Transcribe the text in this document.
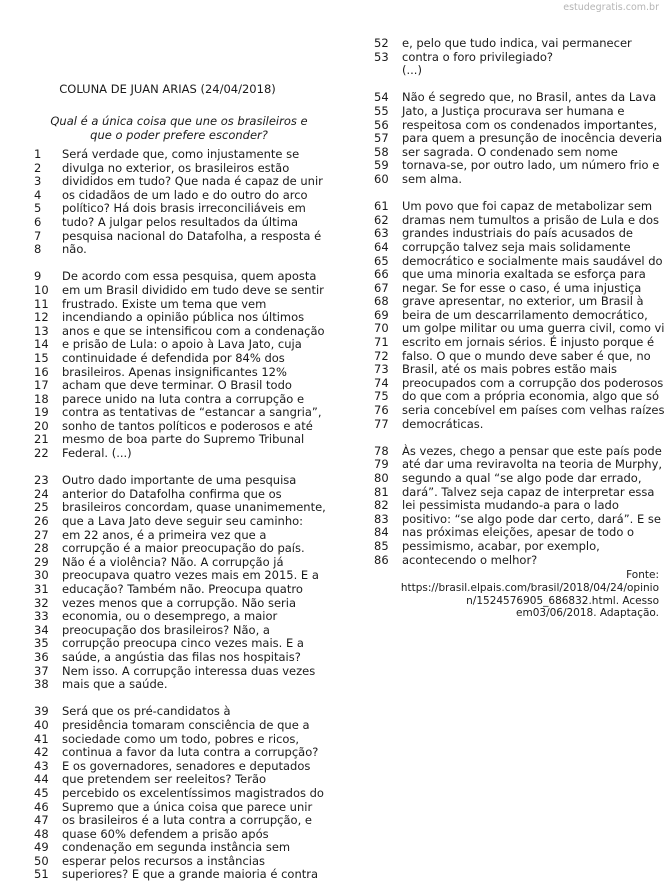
estudegratis.com.br
COLUNA DE JUAN ARIAS (24/04/2018)
Qual é a única coisa que une os brasileiros e que o poder prefere esconder?
1	Será verdade que, como injustamente se
2	divulga no exterior, os brasileiros estão
3	divididos em tudo? Que nada é capaz de unir
4	os cidadãos de um lado e do outro do arco
5	político? Há dois brasis irreconciliáveis em
6	tudo? A julgar pelos resultados da última
7	pesquisa nacional do Datafolha, a resposta é
8	não.
9	De acordo com essa pesquisa, quem aposta
10	em um Brasil dividido em tudo deve se sentir
11	frustrado. Existe um tema que vem
12	incendiando a opinião pública nos últimos
13	anos e que se intensificou com a condenação
14	e prisão de Lula: o apoio à Lava Jato, cuja
15	continuidade é defendida por 84% dos
16	brasileiros. Apenas insignificantes 12%
17	acham que deve terminar. O Brasil todo
18	parece unido na luta contra a corrupção e
19	contra as tentativas de “estancar a sangria”,
20	sonho de tantos políticos e poderosos e até
21	mesmo de boa parte do Supremo Tribunal
22	Federal. (...)
23	Outro dado importante de uma pesquisa
24	anterior do Datafolha confirma que os
25	brasileiros concordam, quase unanimemente,
26	que a Lava Jato deve seguir seu caminho:
27	em 22 anos, é a primeira vez que a
28	corrupção é a maior preocupação do país.
29	Não é a violência? Não. A corrupção já
30	preocupava quatro vezes mais em 2015. E a
31	educação? Também não. Preocupa quatro
32	vezes menos que a corrupção. Não seria
33	economia, ou o desemprego, a maior
34	preocupação dos brasileiros? Não, a
35	corrupção preocupa cinco vezes mais. E a
36	saúde, a angústia das filas nos hospitais?
37	Nem isso. A corrupção interessa duas vezes
38	mais que a saúde.
39	Será que os pré-candidatos à
40	presidência tomaram consciência de que a
41	sociedade como um todo, pobres e ricos,
42	continua a favor da luta contra a corrupção?
43	E os governadores, senadores e deputados
44	que pretendem ser reeleitos? Terão
45	percebido os excelentíssimos magistrados do
46	Supremo que a única coisa que parece unir
47	os brasileiros é a luta contra a corrupção, e
48	quase 60% defendem a prisão após
49	condenação em segunda instância sem
50	esperar pelos recursos a instâncias
51	superiores? E que a grande maioria é contra
52	e, pelo que tudo indica, vai permanecer
53	contra o foro privilegiado?
(...)
54	Não é segredo que, no Brasil, antes da Lava
55	Jato, a Justiça procurava ser humana e
56	respeitosa com os condenados importantes,
57	para quem a presunção de inocência deveria
58	ser sagrada. O condenado sem nome
59	tornava-se, por outro lado, um número frio e
60	sem alma.
61	Um povo que foi capaz de metabolizar sem
62	dramas nem tumultos a prisão de Lula e dos
63	grandes industriais do país acusados de
64	corrupção talvez seja mais solidamente
65	democrático e socialmente mais saudável do
66	que uma minoria exaltada se esforça para
67	negar. Se for esse o caso, é uma injustiça
68	grave apresentar, no exterior, um Brasil à
69	beira de um descarrilamento democrático,
70	um golpe militar ou uma guerra civil, como vi
71	escrito em jornais sérios. É injusto porque é
72	falso. O que o mundo deve saber é que, no
73	Brasil, até os mais pobres estão mais
74	preocupados com a corrupção dos poderosos
75	do que com a própria economia, algo que só
76	seria concebível em países com velhas raízes
77	democráticas.
78	Às vezes, chego a pensar que este país pode
79	até dar uma reviravolta na teoria de Murphy,
80	segundo a qual “se algo pode dar errado,
81	dará”. Talvez seja capaz de interpretar essa
82	lei pessimista mudando-a para o lado
83	positivo: “se algo pode dar certo, dará”. E se
84	nas próximas eleições, apesar de todo o
85	pessimismo, acabar, por exemplo,
86	acontecendo o melhor?
Fonte:
https://brasil.elpais.com/brasil/2018/04/24/opinio
n/1524576905_686832.html. Acesso
em03/06/2018. Adaptação.
